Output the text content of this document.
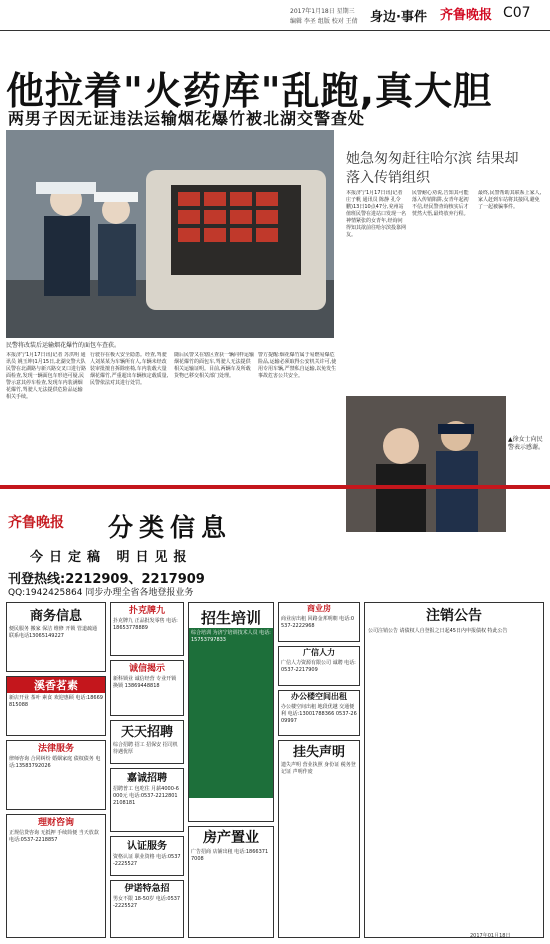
2017年1月18日 星期三
编辑 李圣 组版 校对 王倩 身边·事件 齐鲁晚报 C07
他拉着"火药库"乱跑,真大胆
两男子因无证违法运输烟花爆竹被北湖交警查处
民警将改装后运输烟花爆竹的面包车查获。
本报济宁1月17日讯(记者 苏洪明 通讯员 姚玉坤)1月15日,北湖交警大队民警在北湖路与新兴路交叉口进行路面检查,发现一辆面包车形迹可疑,民警示意其停车检查,发现车内装满烟花爆竹,驾驶人无法提供危险品运输相关手续。
行驶存在极大安全隐患。经查,驾驶人刘某某为车辆所有人,车辆未经改装审批擅自拆除座椅,车内装载大量烟花爆竹,严重超出车辆核定载质量,民警依法对其进行处罚。
随后民警又在辖区查获一辆同样运输烟花爆竹的面包车,驾驶人无法提供相关运输证明。目前,两辆车及所载货物已移交相关部门处理。
警方提醒:烟花爆竹属于易燃易爆危险品,运输必须取得公安机关许可,使用专用车辆,严禁私自运输,以免发生事故危害公共安全。
她急匆匆赶往哈尔滨 结果却落入传销组织
本报济宁1月17日讯(记者 庄子帆 通讯员 陈静 孔令鹏)13日10点47分,兖州站值班民警在进站口发现一名神情紧张的女青年,经询问得知其欲前往哈尔滨投靠网友。
民警耐心劝说,告知其可能落入传销陷阱,女青年起初不信,经民警查询核实后才恍然大悟,最终放弃行程。
最终,民警帮助其联系上家人,家人赶到车站将其接回,避免了一起被骗事件。
▲徐女士向民警表示感谢。
齐鲁晚报 分类信息
今日定稿 明日见报
刊登热线:2212909、2217909
QQ:1942425864 同步办理全省各地登报业务
商务信息
便民服务 搬家 保洁 维修 开锁 管道疏通 联系电话13065149227
溪香茗素
新店开业 茶叶 素食 欢迎惠顾 电话:18669815088
法律服务
律师咨询 合同纠纷 婚姻家庭 债权债务 电话:13583792026
理财咨询
正规信贷咨询 无抵押 手续简便 当天放款 电话:0537-2218857
扑克牌九
扑克牌九 正品批发零售 电话:18653778889
诚信揭示
新科锁业 诚信经营 专业开锁换锁 13869448818
天天招聘
综合招聘 招工 招保安 招司机 待遇优厚
嘉诚招聘
招聘普工 包吃住 月薪4000-6000元 电话:0537-2212801 2108181
认证服务
资格认证 职业资格 电话:0537-2225527
伊诺特急招
男女不限 18-50岁 电话:0537-2225527
招生培训
综合培训 为济宁培训技术人员 电话:15753797833
房产置业
广告招商 店铺出租 电话:18663717008
商业房
商业房出租 回路金邦明朝 电话:0537-2222968
广信人力
广信人力资源有限公司 诚聘 电话:0537-2217909
办公楼空间出租
办公楼空间出租 地段优越 交通便利 电话:13001788366 0537-2609997
挂失声明
遗失声明 营业执照 身份证 税务登记证 声明作废
注销公告
公司注销公告 请债权人自登报之日起45日内申报债权 特此公告
2017年01月18日
